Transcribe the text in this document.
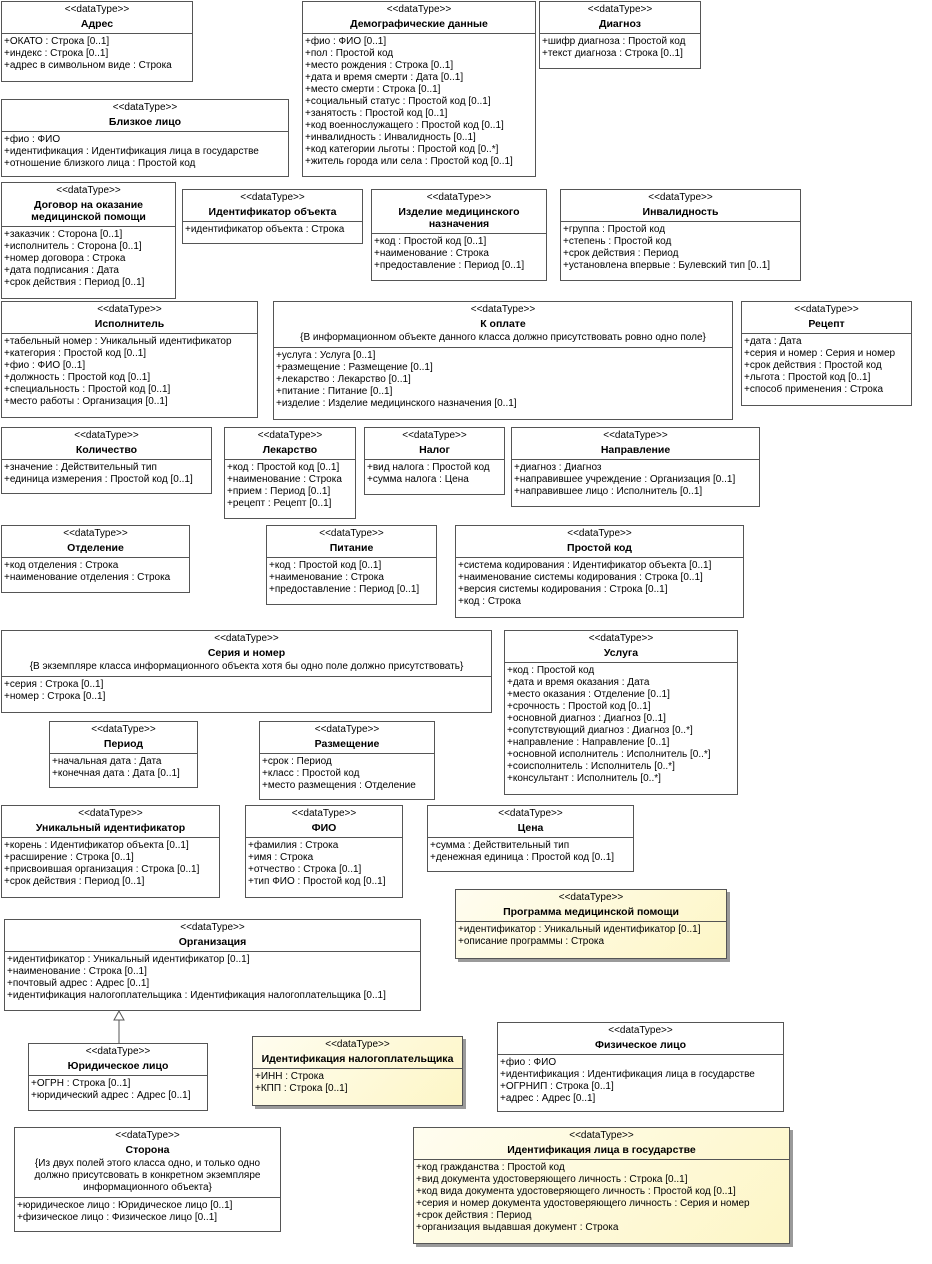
<<dataType>>
Адрес
+ОКАТО : Строка [0..1]
+индекс : Строка [0..1]
+адрес в символьном виде : Строка
<<dataType>>
Демографические данные
+фио : ФИО [0..1]
+пол : Простой код
+место рождения : Строка [0..1]
+дата и время смерти : Дата [0..1]
+место смерти : Строка [0..1]
+социальный статус : Простой код [0..1]
+занятость : Простой код [0..1]
+код военнослужащего : Простой код [0..1]
+инвалидность : Инвалидность [0..1]
+код категории льготы : Простой код [0..*]
+житель города или села : Простой код [0..1]
<<dataType>>
Диагноз
+шифр диагноза : Простой код
+текст диагноза : Строка [0..1]
<<dataType>>
Близкое лицо
+фио : ФИО
+идентификация : Идентификация лица в государстве
+отношение близкого лица : Простой код
<<dataType>>
Договор на оказание медицинской помощи
+заказчик : Сторона [0..1]
+исполнитель : Сторона [0..1]
+номер договора : Строка
+дата подписания : Дата
+срок действия : Период [0..1]
<<dataType>>
Идентификатор объекта
+идентификатор объекта : Строка
<<dataType>>
Изделие медицинского назначения
+код : Простой код [0..1]
+наименование : Строка
+предоставление : Период [0..1]
<<dataType>>
Инвалидность
+группа : Простой код
+степень : Простой код
+срок действия : Период
+установлена впервые : Булевский тип [0..1]
<<dataType>>
Исполнитель
+табельный номер : Уникальный идентификатор
+категория : Простой код [0..1]
+фио : ФИО [0..1]
+должность : Простой код [0..1]
+специальность : Простой код [0..1]
+место работы : Организация [0..1]
<<dataType>>
К оплате
{В информационном объекте данного класса должно присутствовать ровно одно поле}
+услуга : Услуга [0..1]
+размещение : Размещение [0..1]
+лекарство : Лекарство [0..1]
+питание : Питание [0..1]
+изделие : Изделие медицинского назначения [0..1]
<<dataType>>
Рецепт
+дата : Дата
+серия и номер : Серия и номер
+срок действия : Простой код
+льгота : Простой код [0..1]
+способ применения : Строка
<<dataType>>
Количество
+значение : Действительный тип
+единица измерения : Простой код [0..1]
<<dataType>>
Лекарство
+код : Простой код [0..1]
+наименование : Строка
+прием : Период [0..1]
+рецепт : Рецепт [0..1]
<<dataType>>
Налог
+вид налога : Простой код
+сумма налога : Цена
<<dataType>>
Направление
+диагноз : Диагноз
+направившее учреждение : Организация [0..1]
+направившее лицо : Исполнитель [0..1]
<<dataType>>
Отделение
+код отделения : Строка
+наименование отделения : Строка
<<dataType>>
Питание
+код : Простой код [0..1]
+наименование : Строка
+предоставление : Период [0..1]
<<dataType>>
Простой код
+система кодирования : Идентификатор объекта [0..1]
+наименование системы кодирования : Строка [0..1]
+версия системы кодирования : Строка [0..1]
+код : Строка
<<dataType>>
Серия и номер
{В экземпляре класса информационного объекта хотя бы одно поле должно присутствовать}
+серия : Строка [0..1]
+номер : Строка [0..1]
<<dataType>>
Услуга
+код : Простой код
+дата и время оказания : Дата
+место оказания : Отделение [0..1]
+срочность : Простой код [0..1]
+основной диагноз : Диагноз [0..1]
+сопутствующий диагноз : Диагноз [0..*]
+направление : Направление [0..1]
+основной исполнитель : Исполнитель [0..*]
+соисполнитель : Исполнитель [0..*]
+консультант : Исполнитель [0..*]
<<dataType>>
Период
+начальная дата : Дата
+конечная дата : Дата [0..1]
<<dataType>>
Размещение
+срок : Период
+класс : Простой код
+место размещения : Отделение
<<dataType>>
Уникальный идентификатор
+корень : Идентификатор объекта [0..1]
+расширение : Строка [0..1]
+присвоившая организация : Строка [0..1]
+срок действия : Период [0..1]
<<dataType>>
ФИО
+фамилия : Строка
+имя : Строка
+отчество : Строка [0..1]
+тип ФИО : Простой код [0..1]
<<dataType>>
Цена
+сумма : Действительный тип
+денежная единица : Простой код [0..1]
<<dataType>>
Программа медицинской помощи
+идентификатор : Уникальный идентификатор [0..1]
+описание программы : Строка
<<dataType>>
Организация
+идентификатор : Уникальный идентификатор [0..1]
+наименование : Строка [0..1]
+почтовый адрес : Адрес [0..1]
+идентификация налогоплательщика : Идентификация налогоплательщика [0..1]
<<dataType>>
Юридическое лицо
+ОГРН : Строка [0..1]
+юридический адрес : Адрес [0..1]
<<dataType>>
Идентификация налогоплательщика
+ИНН : Строка
+КПП : Строка [0..1]
<<dataType>>
Физическое лицо
+фио : ФИО
+идентификация : Идентификация лица в государстве
+ОГРНИП : Строка [0..1]
+адрес : Адрес [0..1]
<<dataType>>
Сторона
{Из двух полей этого класса одно, и только одно должно присутсвовать в конкретном экземпляре информационного объекта}
+юридическое лицо : Юридическое лицо [0..1]
+физическое лицо : Физическое лицо [0..1]
<<dataType>>
Идентификация лица в государстве
+код гражданства : Простой код
+вид документа удостоверяющего личность : Строка [0..1]
+код вида документа удостоверяющего личность : Простой код [0..1]
+серия и номер документа удостоверяющего личность : Серия и номер
+срок действия : Период
+организация выдавшая документ : Строка
